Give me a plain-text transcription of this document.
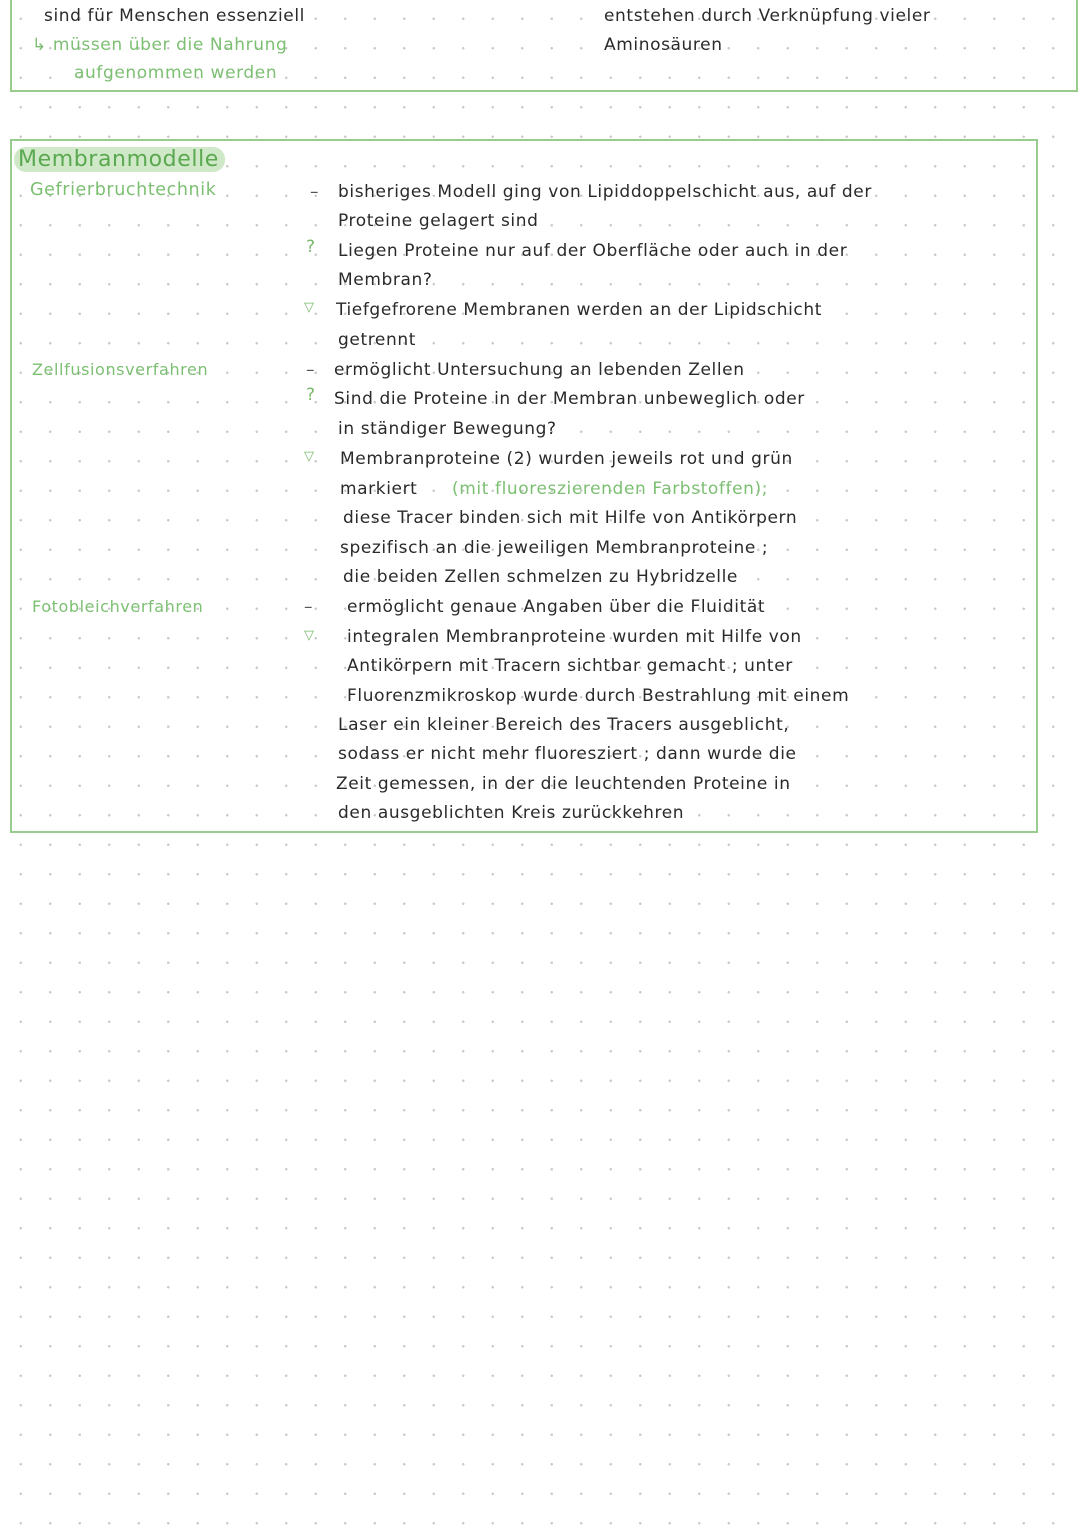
sind für Menschen essenziell
↳ müssen über die Nahrung
aufgenommen werden
entstehen durch Verknüpfung vieler
Aminosäuren
Membranmodelle
Gefrierbruchtechnik
Zellfusionsverfahren
Fotobleichverfahren
–
?
▽
–
?
▽
–
▽
bisheriges Modell ging von Lipiddoppelschicht aus, auf der
Proteine gelagert sind
Liegen Proteine nur auf der Oberfläche oder auch in der
Membran?
Tiefgefrorene Membranen werden an der Lipidschicht
getrennt
ermöglicht Untersuchung an lebenden Zellen
Sind die Proteine in der Membran unbeweglich oder
in ständiger Bewegung?
Membranproteine (2) wurden jeweils rot und grün
markiert (mit fluoreszierenden Farbstoffen);
diese Tracer binden sich mit Hilfe von Antikörpern
spezifisch an die jeweiligen Membranproteine ;
die beiden Zellen schmelzen zu Hybridzelle
ermöglicht genaue Angaben über die Fluidität
integralen Membranproteine wurden mit Hilfe von
Antikörpern mit Tracern sichtbar gemacht ; unter
Fluorenzmikroskop wurde durch Bestrahlung mit einem
Laser ein kleiner Bereich des Tracers ausgeblicht,
sodass er nicht mehr fluoresziert ; dann wurde die
Zeit gemessen, in der die leuchtenden Proteine in
den ausgeblichten Kreis zurückkehren
